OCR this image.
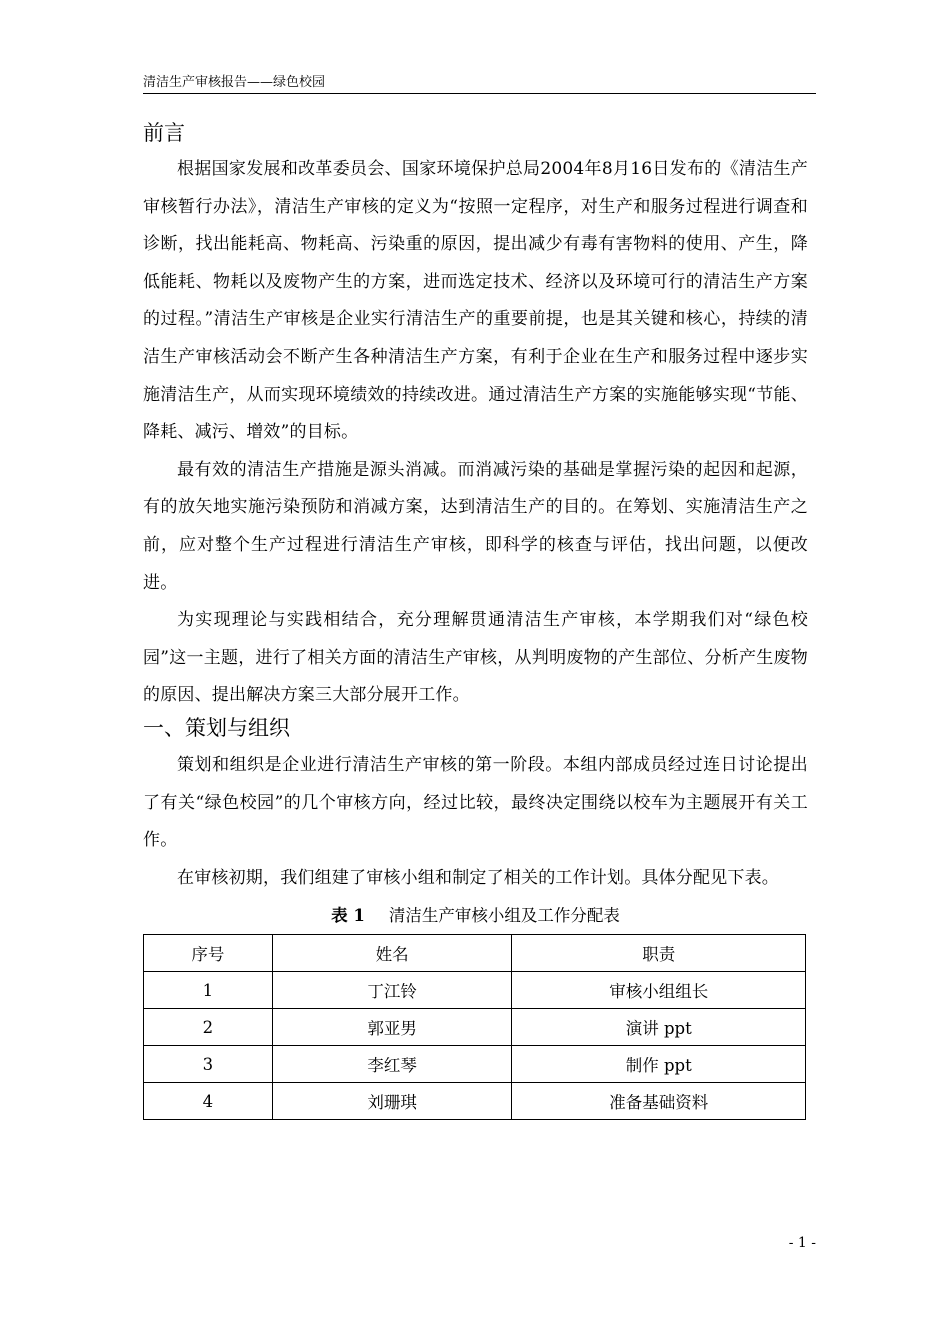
清洁生产审核报告——绿色校园
前言

根据国家发展和改革委员会、国家环境保护总局2004年8月16日发布的《清洁生产审核暂行办法》，清洁生产审核的定义为“按照一定程序，对生产和服务过程进行调查和诊断，找出能耗高、物耗高、污染重的原因，提出减少有毒有害物料的使用、产生，降低能耗、物耗以及废物产生的方案，进而选定技术、经济以及环境可行的清洁生产方案的过程。”清洁生产审核是企业实行清洁生产的重要前提，也是其关键和核心，持续的清洁生产审核活动会不断产生各种清洁生产方案，有利于企业在生产和服务过程中逐步实施清洁生产，从而实现环境绩效的持续改进。通过清洁生产方案的实施能够实现“节能、降耗、减污、增效”的目标。

最有效的清洁生产措施是源头消减。而消减污染的基础是掌握污染的起因和起源，有的放矢地实施污染预防和消减方案，达到清洁生产的目的。在筹划、实施清洁生产之前，应对整个生产过程进行清洁生产审核，即科学的核查与评估，找出问题，以便改进。

为实现理论与实践相结合，充分理解贯通清洁生产审核，本学期我们对“绿色校园”这一主题，进行了相关方面的清洁生产审核，从判明废物的产生部位、分析产生废物的原因、提出解决方案三大部分展开工作。

一、策划与组织

策划和组织是企业进行清洁生产审核的第一阶段。本组内部成员经过连日讨论提出了有关“绿色校园”的几个审核方向，经过比较，最终决定围绕以校车为主题展开有关工作。

在审核初期，我们组建了审核小组和制定了相关的工作计划。具体分配见下表。

表 1 清洁生产审核小组及工作分配表
序号	姓名	职责
1	丁江铃	审核小组组长
2	郭亚男	演讲 ppt
3	李红琴	制作 ppt
4	刘珊琪	准备基础资料
- 1 -
